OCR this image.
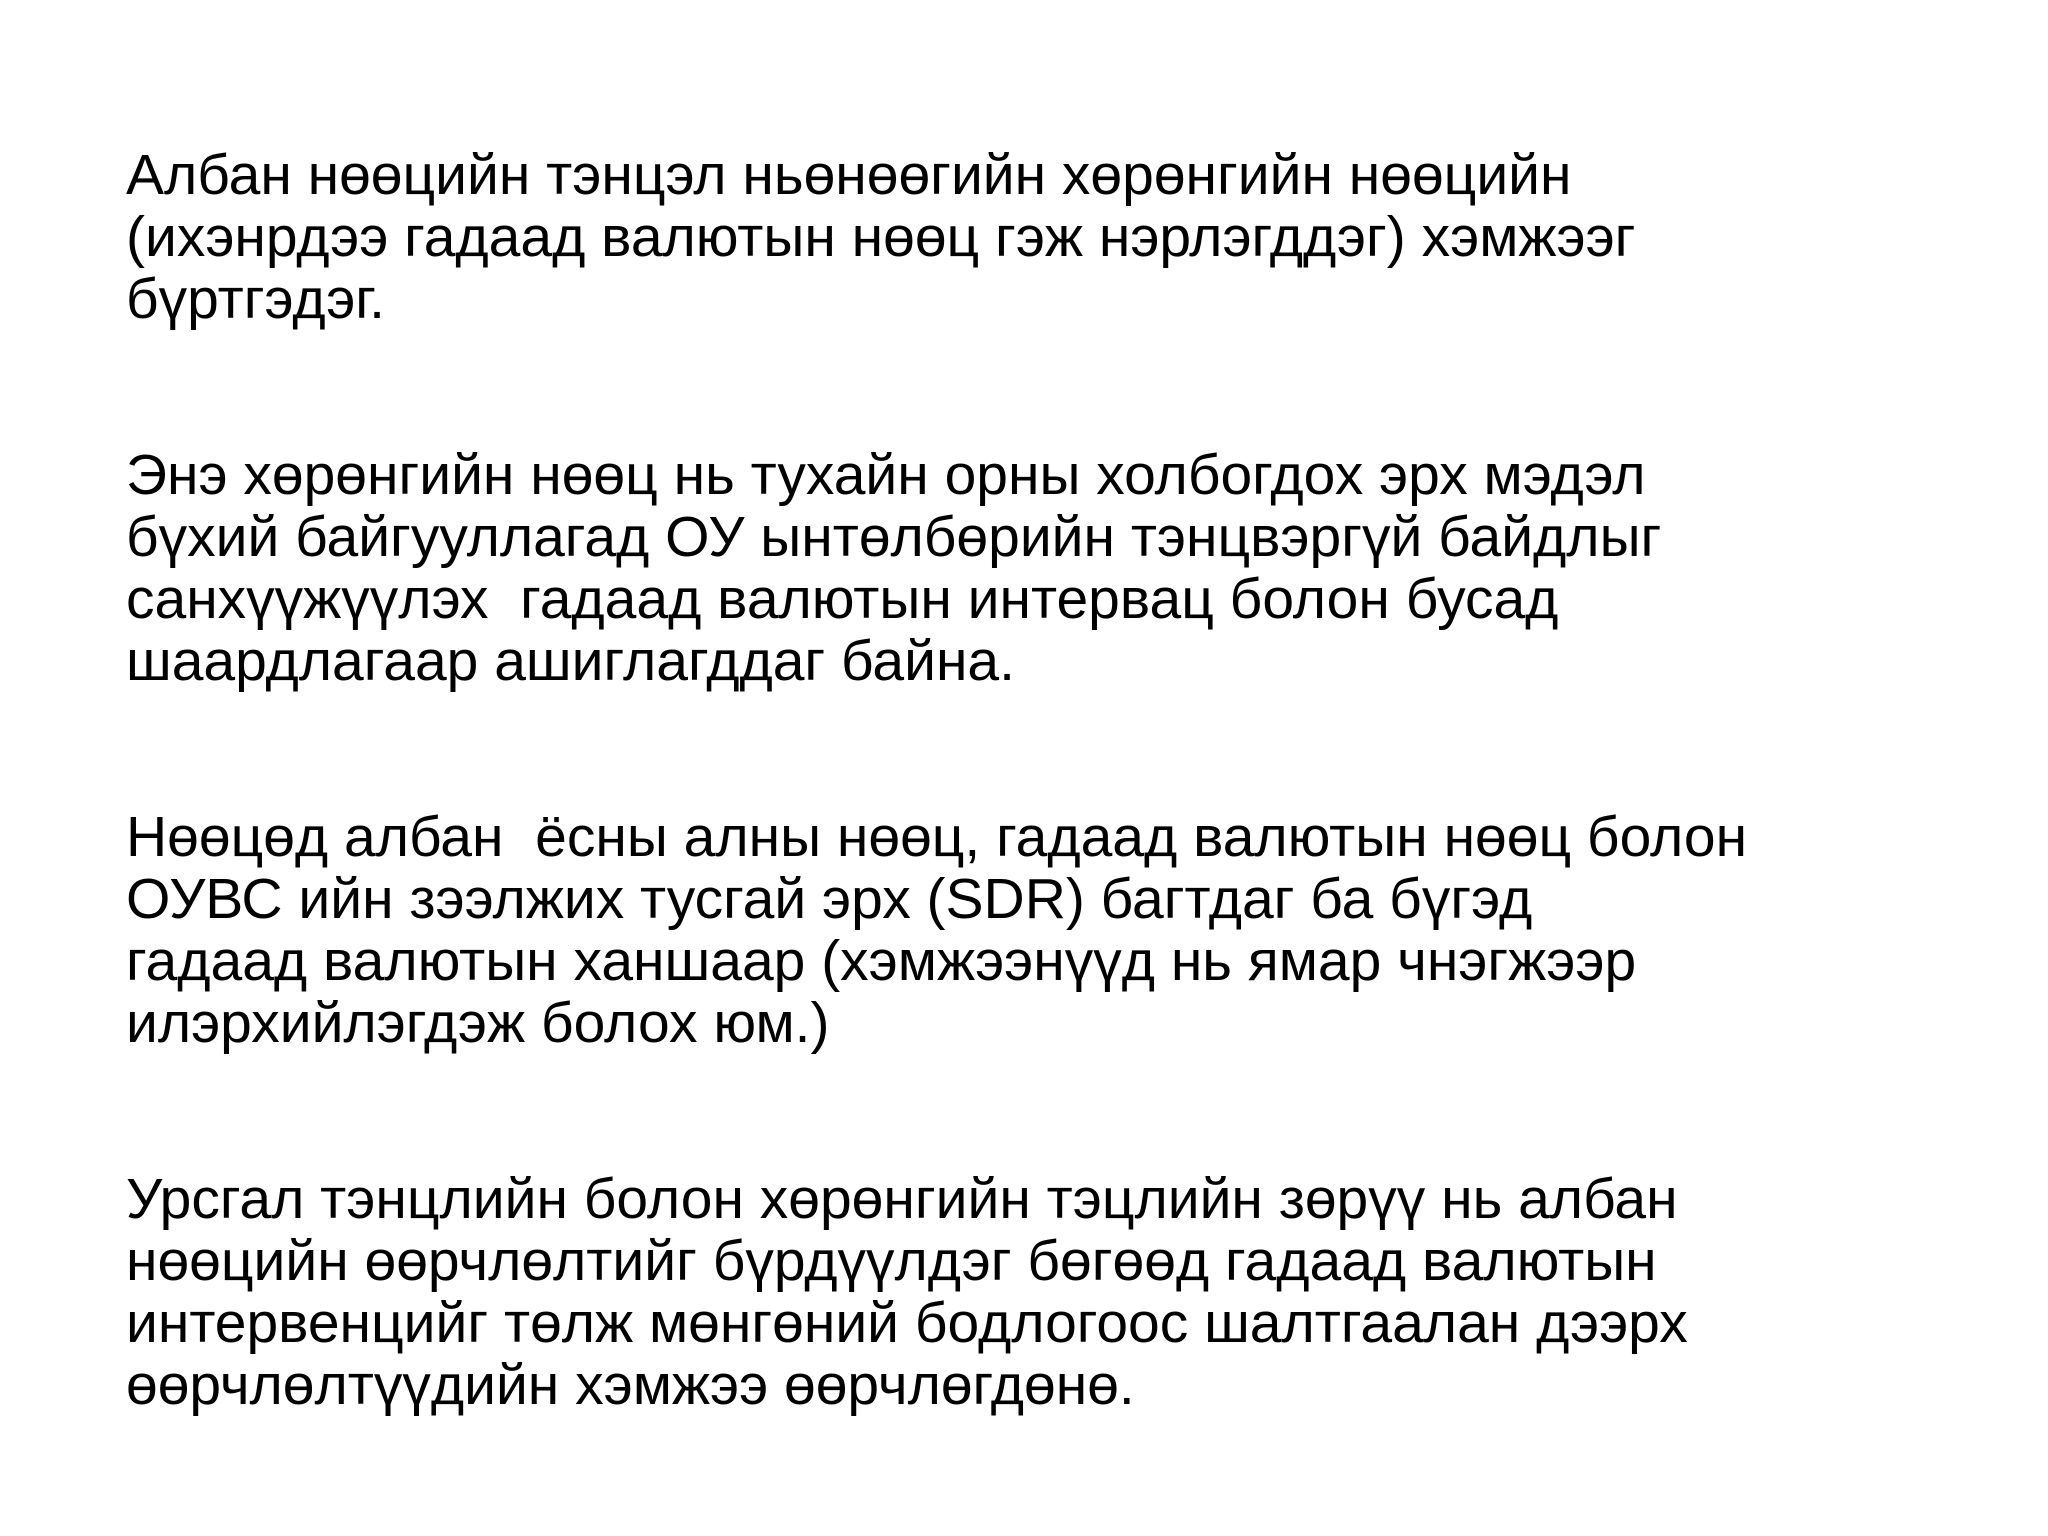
Албан нөөцийн тэнцэл ньөнөөгийн хөрөнгийн нөөцийн
(ихэнрдээ гадаад валютын нөөц гэж нэрлэгддэг) хэмжээг
бүртгэдэг.

Энэ хөрөнгийн нөөц нь тухайн орны холбогдох эрх мэдэл
бүхий байгууллагад ОУ ынтөлбөрийн тэнцвэргүй байдлыг
санхүүжүүлэх  гадаад валютын интервац болон бусад
шаардлагаар ашиглагддаг байна.

Нөөцөд албан  ёсны алны нөөц, гадаад валютын нөөц болон
ОУВС ийн зээлжих тусгай эрх (SDR) багтдаг ба бүгэд
гадаад валютын ханшаар (хэмжээнүүд нь ямар чнэгжээр
илэрхийлэгдэж болох юм.)

Урсгал тэнцлийн болон хөрөнгийн тэцлийн зөрүү нь албан
нөөцийн өөрчлөлтийг бүрдүүлдэг бөгөөд гадаад валютын
интервенцийг төлж мөнгөний бодлогоос шалтгаалан дээрх
өөрчлөлтүүдийн хэмжээ өөрчлөгдөнө.
